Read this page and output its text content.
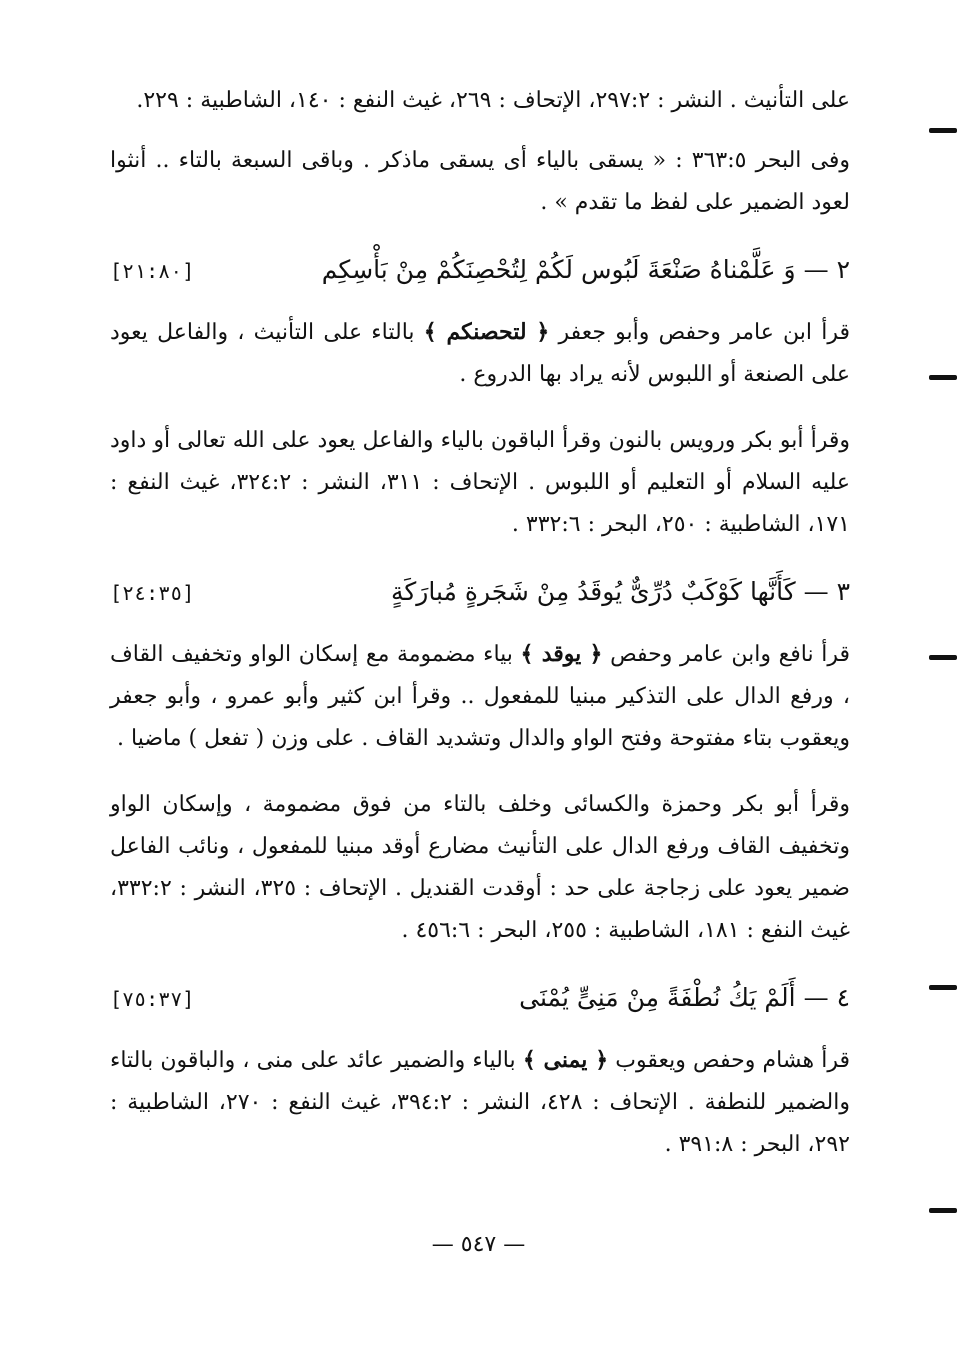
على التأنيث . النشر : ٢٩٧:٢، الإتحاف : ٢٦٩، غيث النفع : ١٤٠، الشاطبية : ٢٢٩.

وفى البحر ٣٦٣:٥ : « يسقى بالياء أى يسقى ماذكر . وباقى السبعة بالتاء .. أنثوا لعود الضمير على لفظ ما تقدم » .

٢ —
وَ عَلَّمْناهُ صَنْعَةَ لَبُوس لَكُمْ لِتُحْصِنَكُمْ مِنْ بَأْسِكِم
[٢١:٨٠]

قرأ ابن عامر وحفص وأبو جعفر ﴿ لتحصنكم ﴾ بالتاء على التأنيث ، والفاعل يعود على الصنعة أو اللبوس لأنه يراد بها الدروع .

وقرأ أبو بكر ورويس بالنون وقرأ الباقون بالياء والفاعل يعود على الله تعالى أو داود عليه السلام أو التعليم أو اللبوس . الإتحاف : ٣١١، النشر : ٣٢٤:٢، غيث النفع : ١٧١، الشاطبية : ٢٥٠، البحر : ٣٣٢:٦ .

٣ —
كَأَنَّها كَوْكَبٌ دُرِّىٌّ يُوقَدُ مِنْ شَجَرةٍ مُبارَكَةٍ
[٢٤:٣٥]

قرأ نافع وابن عامر وحفص ﴿ يوقد ﴾ بياء مضمومة مع إسكان الواو وتخفيف القاف ، ورفع الدال على التذكير مبنيا للمفعول .. وقرأ ابن كثير وأبو عمرو ، وأبو جعفر ويعقوب بتاء مفتوحة وفتح الواو والدال وتشديد القاف . على وزن ( تفعل ) ماضيا .

وقرأ أبو بكر وحمزة والكسائى وخلف بالتاء من فوق مضمومة ، وإسكان الواو وتخفيف القاف ورفع الدال على التأنيث مضارع أوقد مبنيا للمفعول ، ونائب الفاعل ضمير يعود على زجاجة على حد : أوقدت القنديل . الإتحاف : ٣٢٥، النشر : ٣٣٢:٢، غيث النفع : ١٨١، الشاطبية : ٢٥٥، البحر : ٤٥٦:٦ .

٤ —
أَلَمْ يَكُ نُطْفَةً مِنْ مَنِىٍّ يُمْنَى
[٧٥:٣٧]

قرأ هشام وحفص ويعقوب ﴿ يمنى ﴾ بالياء والضمير عائد على منى ، والباقون بالتاء والضمير للنطفة . الإتحاف : ٤٢٨، النشر : ٣٩٤:٢، غيث النفع : ٢٧٠، الشاطبية : ٢٩٢، البحر : ٣٩١:٨ .

— ٥٤٧ —
